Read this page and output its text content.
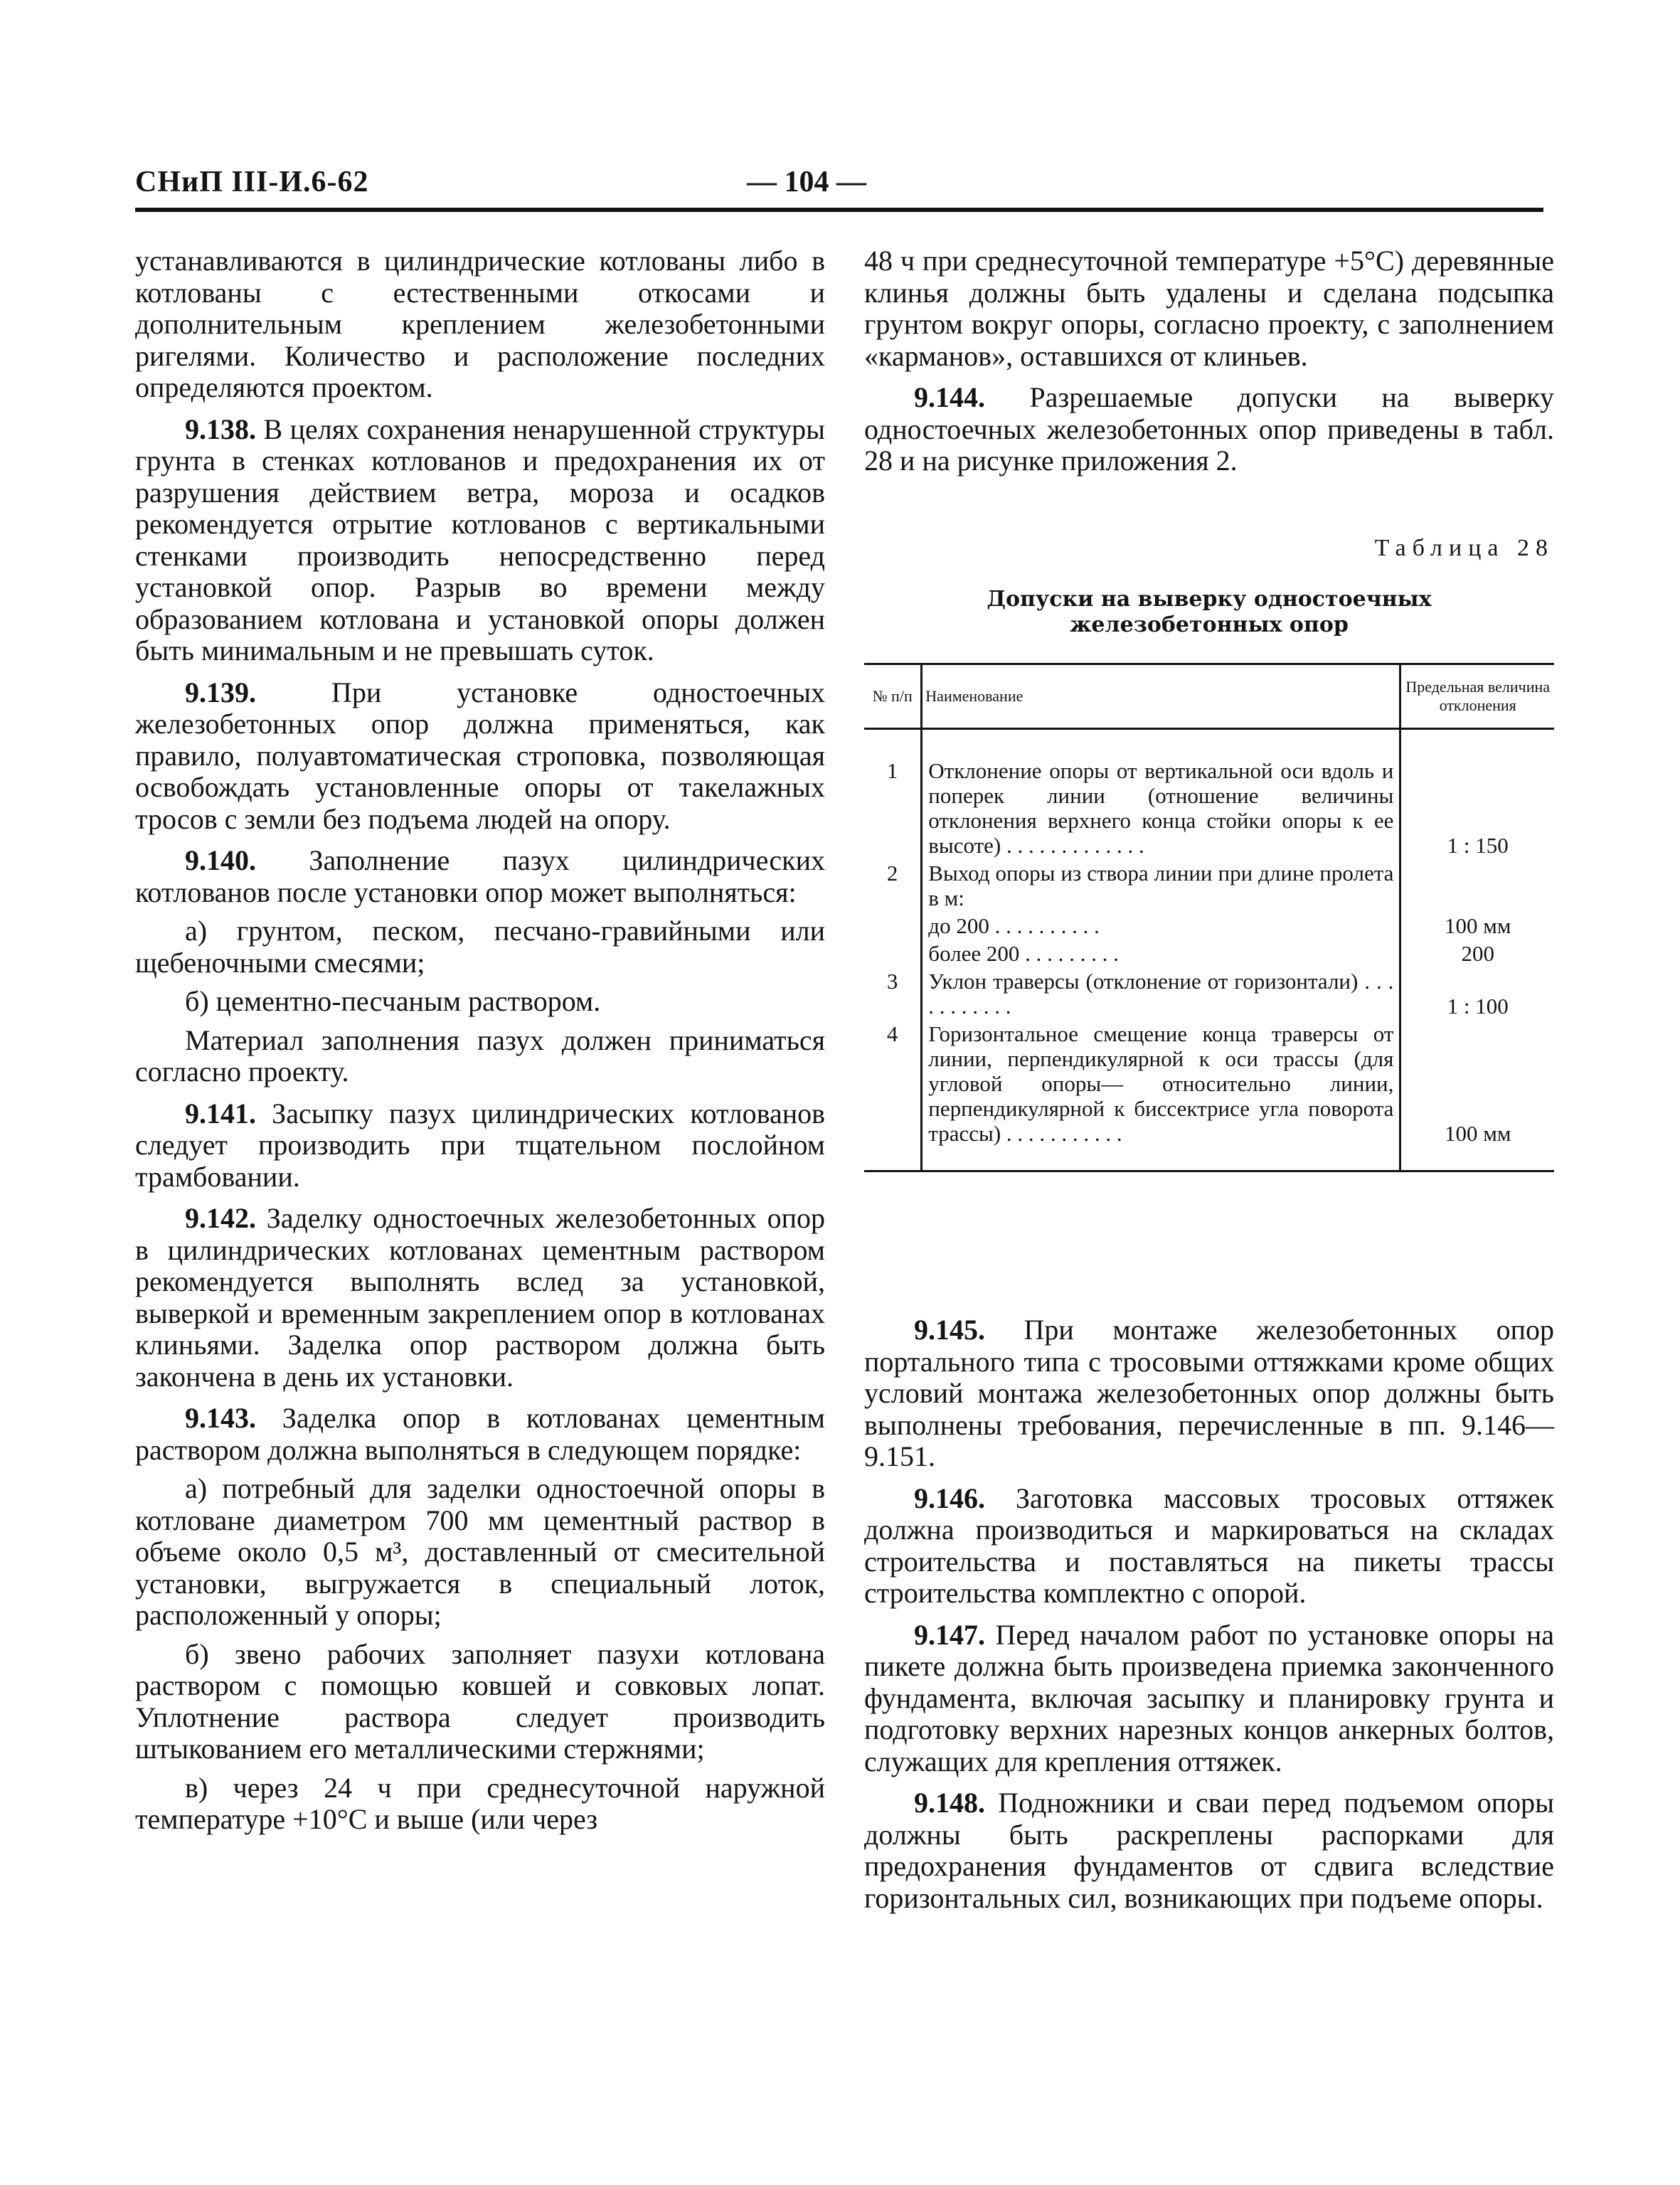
СНиП III-И.6-62	— 104 —

устанавливаются в цилиндрические котлованы либо в котлованы с естественными откосами и дополнительным креплением железобетонными ригелями. Количество и расположение последних определяются проектом.

9.138. В целях сохранения ненарушенной структуры грунта в стенках котлованов и предохранения их от разрушения действием ветра, мороза и осадков рекомендуется отрытие котлованов с вертикальными стенками производить непосредственно перед установкой опор. Разрыв во времени между образованием котлована и установкой опоры должен быть минимальным и не превышать суток.

9.139. При установке одностоечных железобетонных опор должна применяться, как правило, полуавтоматическая строповка, позволяющая освобождать установленные опоры от такелажных тросов с земли без подъема людей на опору.

9.140. Заполнение пазух цилиндрических котлованов после установки опор может выполняться:

а) грунтом, песком, песчано-гравийными или щебеночными смесями;

б) цементно-песчаным раствором.

Материал заполнения пазух должен приниматься согласно проекту.

9.141. Засыпку пазух цилиндрических котлованов следует производить при тщательном послойном трамбовании.

9.142. Заделку одностоечных железобетонных опор в цилиндрических котлованах цементным раствором рекомендуется выполнять вслед за установкой, выверкой и временным закреплением опор в котлованах клиньями. Заделка опор раствором должна быть закончена в день их установки.

9.143. Заделка опор в котлованах цементным раствором должна выполняться в следующем порядке:

а) потребный для заделки одностоечной опоры в котловане диаметром 700 мм цементный раствор в объеме около 0,5 м³, доставленный от смесительной установки, выгружается в специальный лоток, расположенный у опоры;

б) звено рабочих заполняет пазухи котлована раствором с помощью ковшей и совковых лопат. Уплотнение раствора следует производить штыкованием его металлическими стержнями;

в) через 24 ч при среднесуточной наружной температуре +10°С и выше (или через

48 ч при среднесуточной температуре +5°С) деревянные клинья должны быть удалены и сделана подсыпка грунтом вокруг опоры, согласно проекту, с заполнением «карманов», оставшихся от клиньев.

9.144. Разрешаемые допуски на выверку одностоечных железобетонных опор приведены в табл. 28 и на рисунке приложения 2.

Таблица 28
Допуски на выверку одностоечных
железобетонных опор
№ п/п	Наименование	Предельная величина отклонения
1	Отклонение опоры от вертикальной оси вдоль и поперек линии (отношение величины отклонения верхнего конца стойки опоры к ее высоте) . . . . . . . . . . . . .	1 : 150
2	Выход опоры из створа линии при длине пролета в м:	
	до 200 . . . . . . . . . .	100 мм
	более 200 . . . . . . . . .	200
3	Уклон траверсы (отклонение от горизонтали) . . . . . . . . . . .	1 : 100
4	Горизонтальное смещение конца траверсы от линии, перпендикулярной к оси трассы (для угловой опоры— относительно линии, перпендикулярной к биссектрисе угла поворота трассы) . . . . . . . . . . .	100 мм

9.145. При монтаже железобетонных опор портального типа с тросовыми оттяжками кроме общих условий монтажа железобетонных опор должны быть выполнены требования, перечисленные в пп. 9.146—9.151.

9.146. Заготовка массовых тросовых оттяжек должна производиться и маркироваться на складах строительства и поставляться на пикеты трассы строительства комплектно с опорой.

9.147. Перед началом работ по установке опоры на пикете должна быть произведена приемка законченного фундамента, включая засыпку и планировку грунта и подготовку верхних нарезных концов анкерных болтов, служащих для крепления оттяжек.

9.148. Подножники и сваи перед подъемом опоры должны быть раскреплены распорками для предохранения фундаментов от сдвига вследствие горизонтальных сил, возникающих при подъеме опоры.
